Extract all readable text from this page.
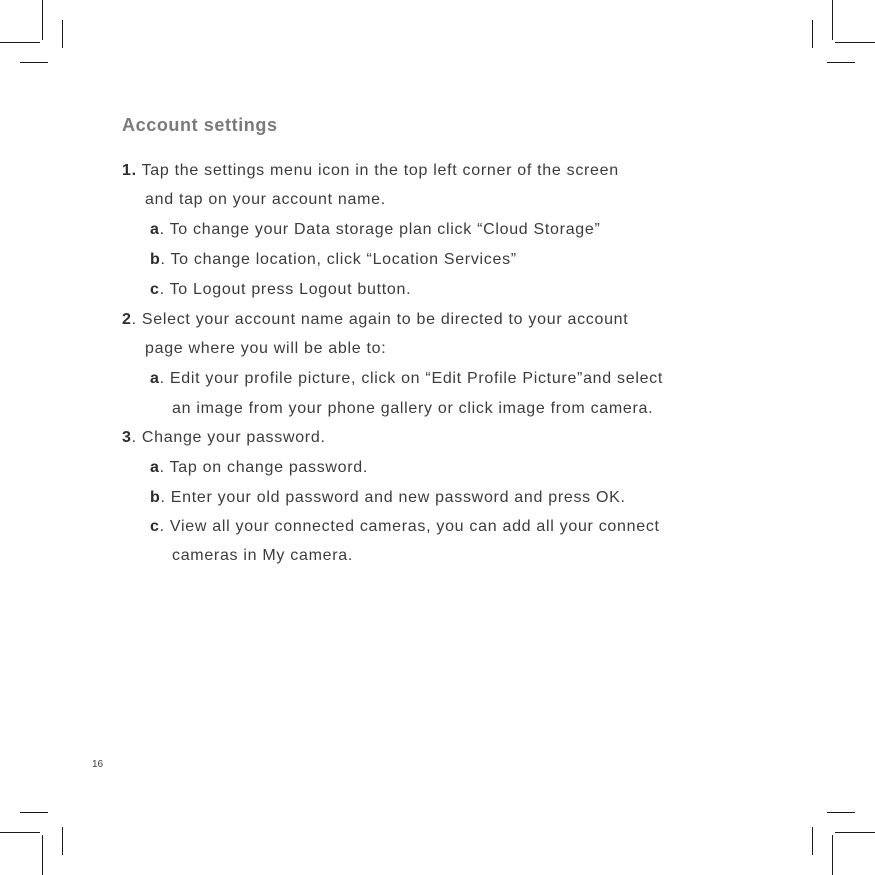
Account settings
1. Tap the settings menu icon in the top left corner of the screen
and tap on your account name.
a. To change your Data storage plan click “Cloud Storage”
b. To change location, click “Location Services”
c. To Logout press Logout button.
2. Select your account name again to be directed to your account
page where you will be able to:
a. Edit your profile picture, click on “Edit Profile Picture”and select
an image from your phone gallery or click image from camera.
3. Change your password.
a. Tap on change password.
b. Enter your old password and new password and press OK.
c. View all your connected cameras, you can add all your connect
cameras in My camera.
16
